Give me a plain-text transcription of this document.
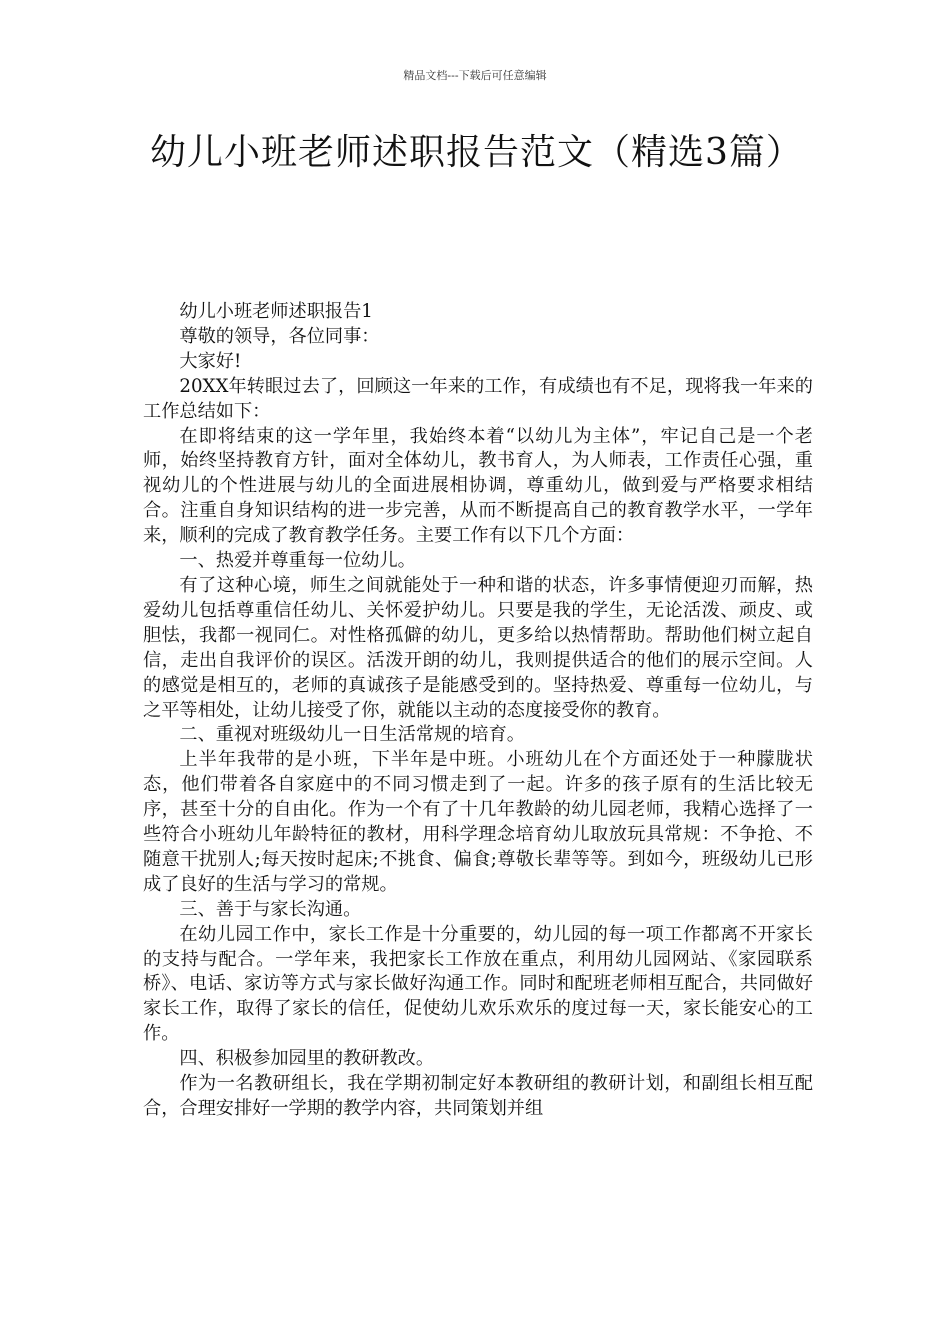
精品文档---下载后可任意编辑
幼儿小班老师述职报告范文（精选3篇）

幼儿小班老师述职报告1

尊敬的领导，各位同事：

大家好!

20XX年转眼过去了，回顾这一年来的工作，有成绩也有不足，现将我一年来的工作总结如下：

在即将结束的这一学年里，我始终本着“以幼儿为主体”，牢记自己是一个老师，始终坚持教育方针，面对全体幼儿，教书育人，为人师表，工作责任心强，重视幼儿的个性进展与幼儿的全面进展相协调，尊重幼儿，做到爱与严格要求相结合。注重自身知识结构的进一步完善，从而不断提高自己的教育教学水平，一学年来，顺利的完成了教育教学任务。主要工作有以下几个方面：

一、热爱并尊重每一位幼儿。

有了这种心境，师生之间就能处于一种和谐的状态，许多事情便迎刃而解，热爱幼儿包括尊重信任幼儿、关怀爱护幼儿。只要是我的学生，无论活泼、顽皮、或胆怯，我都一视同仁。对性格孤僻的幼儿，更多给以热情帮助。帮助他们树立起自信，走出自我评价的误区。活泼开朗的幼儿，我则提供适合的他们的展示空间。人的感觉是相互的，老师的真诚孩子是能感受到的。坚持热爱、尊重每一位幼儿，与之平等相处，让幼儿接受了你，就能以主动的态度接受你的教育。

二、重视对班级幼儿一日生活常规的培育。

上半年我带的是小班，下半年是中班。小班幼儿在个方面还处于一种朦胧状态，他们带着各自家庭中的不同习惯走到了一起。许多的孩子原有的生活比较无序，甚至十分的自由化。作为一个有了十几年教龄的幼儿园老师，我精心选择了一些符合小班幼儿年龄特征的教材，用科学理念培育幼儿取放玩具常规：不争抢、不随意干扰别人;每天按时起床;不挑食、偏食;尊敬长辈等等。到如今，班级幼儿已形成了良好的生活与学习的常规。

三、善于与家长沟通。

在幼儿园工作中，家长工作是十分重要的，幼儿园的每一项工作都离不开家长的支持与配合。一学年来，我把家长工作放在重点，利用幼儿园网站、《家园联系桥》、电话、家访等方式与家长做好沟通工作。同时和配班老师相互配合，共同做好家长工作，取得了家长的信任，促使幼儿欢乐欢乐的度过每一天，家长能安心的工作。

四、积极参加园里的教研教改。

作为一名教研组长，我在学期初制定好本教研组的教研计划，和副组长相互配合，合理安排好一学期的教学内容，共同策划并组
